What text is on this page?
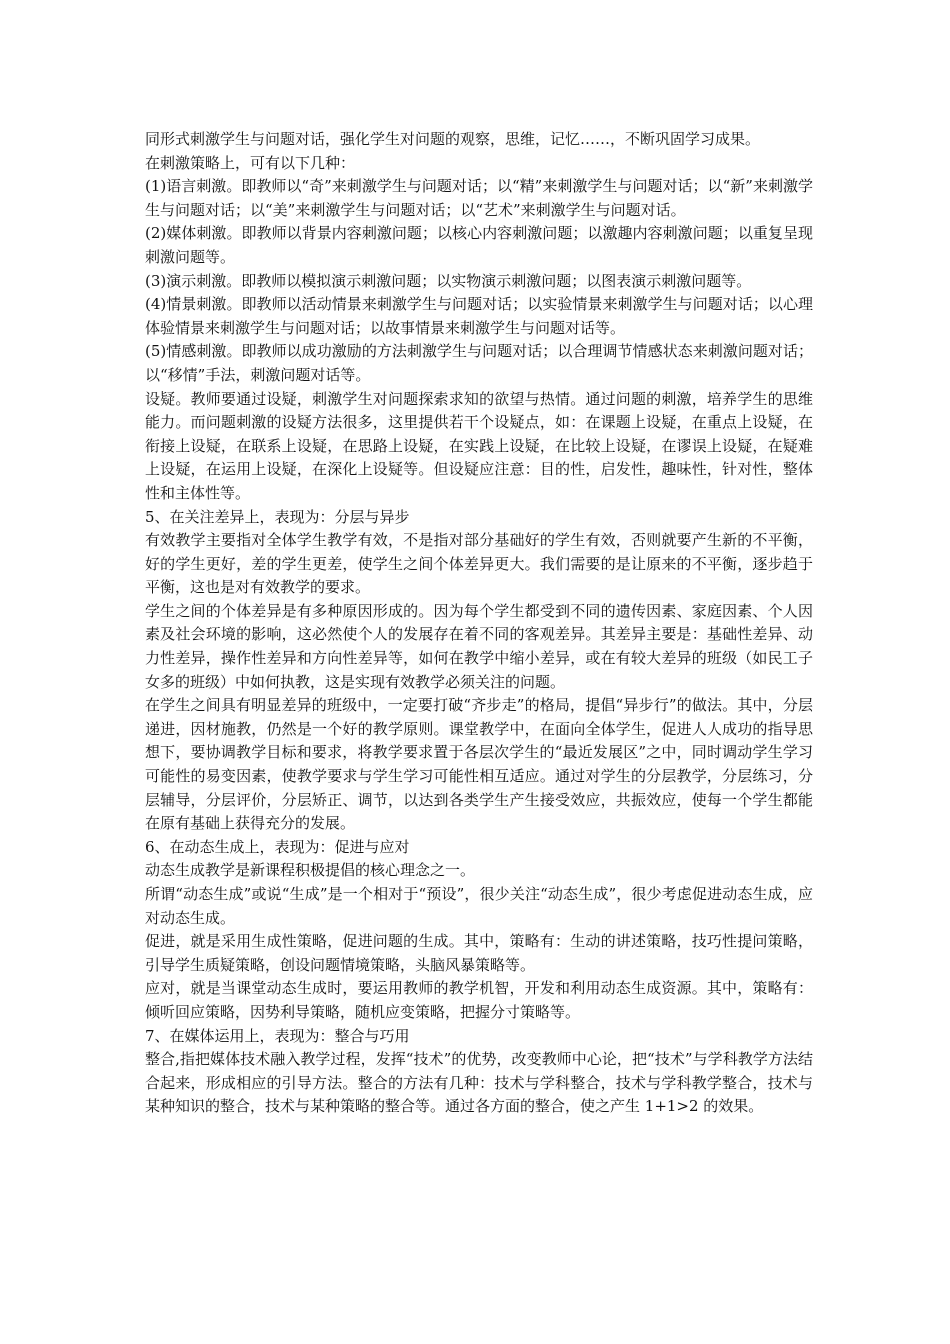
同形式刺激学生与问题对话，强化学生对问题的观察，思维，记忆……，不断巩固学习成果。

在刺激策略上，可有以下几种：

(1)语言刺激。即教师以“奇”来刺激学生与问题对话；以“精”来刺激学生与问题对话；以“新”来刺激学生与问题对话；以“美”来刺激学生与问题对话；以“艺术”来刺激学生与问题对话。

(2)媒体刺激。即教师以背景内容刺激问题；以核心内容刺激问题；以激趣内容刺激问题；以重复呈现刺激问题等。

(3)演示刺激。即教师以模拟演示刺激问题；以实物演示刺激问题；以图表演示刺激问题等。

(4)情景刺激。即教师以活动情景来刺激学生与问题对话；以实验情景来刺激学生与问题对话；以心理体验情景来刺激学生与问题对话；以故事情景来刺激学生与问题对话等。

(5)情感刺激。即教师以成功激励的方法刺激学生与问题对话；以合理调节情感状态来刺激问题对话；以“移情”手法，刺激问题对话等。

设疑。教师要通过设疑，刺激学生对问题探索求知的欲望与热情。通过问题的刺激，培养学生的思维能力。而问题刺激的设疑方法很多，这里提供若干个设疑点，如：在课题上设疑，在重点上设疑，在衔接上设疑，在联系上设疑，在思路上设疑，在实践上设疑，在比较上设疑，在谬误上设疑，在疑难上设疑，在运用上设疑，在深化上设疑等。但设疑应注意：目的性，启发性，趣味性，针对性，整体性和主体性等。

5、在关注差异上，表现为：分层与异步

有效教学主要指对全体学生教学有效，不是指对部分基础好的学生有效，否则就要产生新的不平衡，好的学生更好，差的学生更差，使学生之间个体差异更大。我们需要的是让原来的不平衡，逐步趋于平衡，这也是对有效教学的要求。

学生之间的个体差异是有多种原因形成的。因为每个学生都受到不同的遗传因素、家庭因素、个人因素及社会环境的影响，这必然使个人的发展存在着不同的客观差异。其差异主要是：基础性差异、动力性差异，操作性差异和方向性差异等，如何在教学中缩小差异，或在有较大差异的班级（如民工子女多的班级）中如何执教，这是实现有效教学必须关注的问题。

在学生之间具有明显差异的班级中，一定要打破“齐步走”的格局，提倡“异步行”的做法。其中，分层递进，因材施教，仍然是一个好的教学原则。课堂教学中，在面向全体学生，促进人人成功的指导思想下，要协调教学目标和要求，将教学要求置于各层次学生的“最近发展区”之中，同时调动学生学习可能性的易变因素，使教学要求与学生学习可能性相互适应。通过对学生的分层教学，分层练习，分层辅导，分层评价，分层矫正、调节，以达到各类学生产生接受效应，共振效应，使每一个学生都能在原有基础上获得充分的发展。

6、在动态生成上，表现为：促进与应对

动态生成教学是新课程积极提倡的核心理念之一。

所谓“动态生成”或说“生成”是一个相对于“预设”，很少关注“动态生成”，很少考虑促进动态生成，应对动态生成。

促进，就是采用生成性策略，促进问题的生成。其中，策略有：生动的讲述策略，技巧性提问策略，引导学生质疑策略，创设问题情境策略，头脑风暴策略等。

应对，就是当课堂动态生成时，要运用教师的教学机智，开发和利用动态生成资源。其中，策略有：倾听回应策略，因势利导策略，随机应变策略，把握分寸策略等。

7、在媒体运用上，表现为：整合与巧用

整合,指把媒体技术融入教学过程，发挥“技术”的优势，改变教师中心论，把“技术”与学科教学方法结合起来，形成相应的引导方法。整合的方法有几种：技术与学科整合，技术与学科教学整合，技术与某种知识的整合，技术与某种策略的整合等。通过各方面的整合，使之产生 1+1>2 的效果。
